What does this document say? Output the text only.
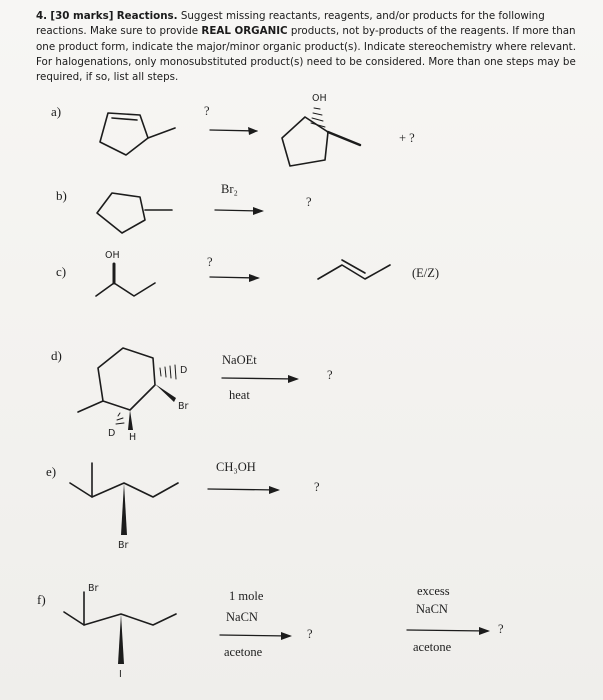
4. [30 marks] Reactions. Suggest missing reactants, reagents, and/or products for the following reactions. Make sure to provide REAL ORGANIC products, not by-products of the reagents. If more than one product form, indicate the major/minor organic product(s). Indicate stereochemistry where relevant. For halogenations, only monosubstituted product(s) need to be considered. More than one steps may be required, if so, list all steps.

a)	?
OH
+ ?
b)	Br₂
?
c)
OH	?
(E/Z)
d)
D
Br
D H
NaOEt
?
heat
e)	CH₃OH
?
Br
f)
Br
I
1 mole
NaCN
?
acetone
excess
NaCN
?
acetone
